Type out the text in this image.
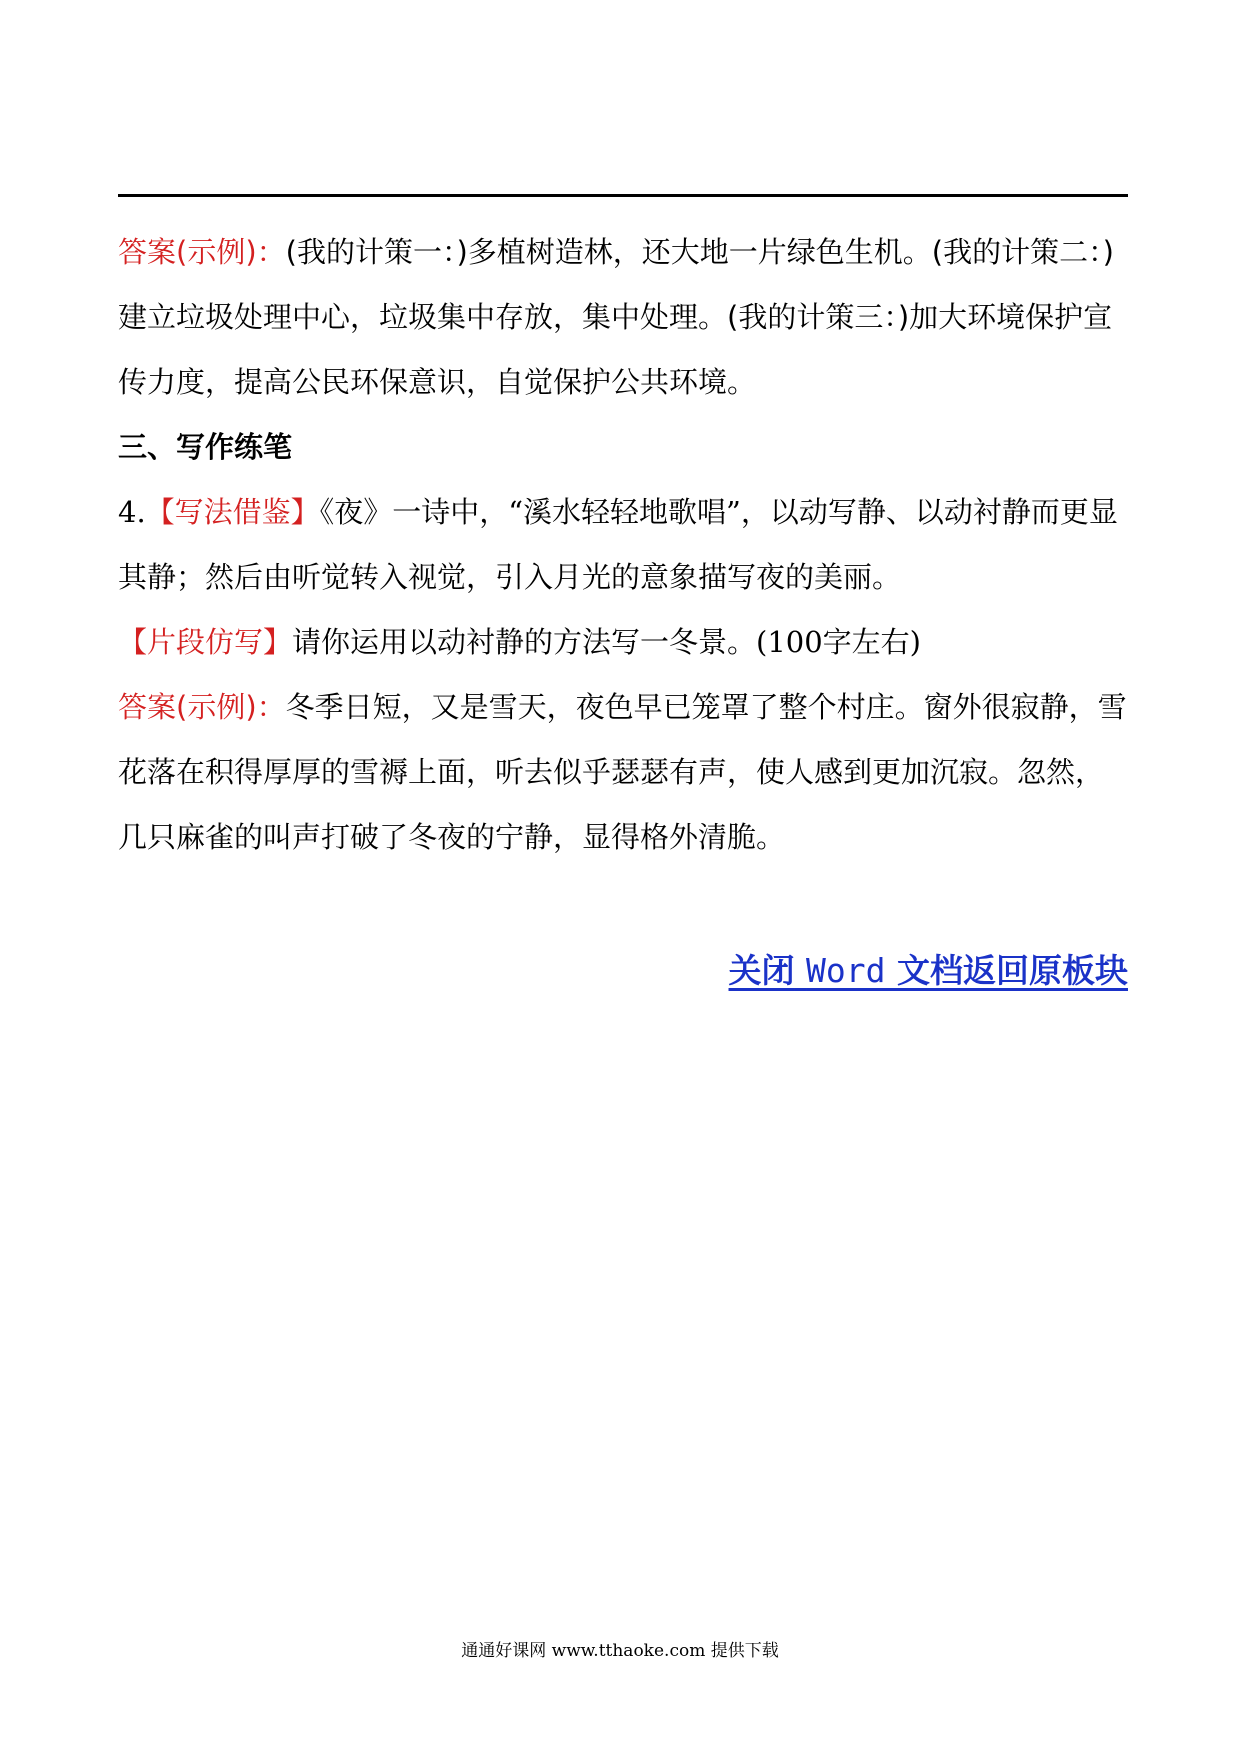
答案(示例)：(我的计策一：)多植树造林，还大地一片绿色生机。(我的计策二：)建立垃圾处理中心，垃圾集中存放，集中处理。(我的计策三：)加大环境保护宣传力度，提高公民环保意识，自觉保护公共环境。

三、写作练笔

4.【写法借鉴】《夜》一诗中，“溪水轻轻地歌唱”，以动写静、以动衬静而更显其静；然后由听觉转入视觉，引入月光的意象描写夜的美丽。

【片段仿写】请你运用以动衬静的方法写一冬景。(100字左右)

答案(示例)：冬季日短，又是雪天，夜色早已笼罩了整个村庄。窗外很寂静，雪花落在积得厚厚的雪褥上面，听去似乎瑟瑟有声，使人感到更加沉寂。忽然，几只麻雀的叫声打破了冬夜的宁静，显得格外清脆。

关闭 Word 文档返回原板块
通通好课网 www.tthaoke.com 提供下载
